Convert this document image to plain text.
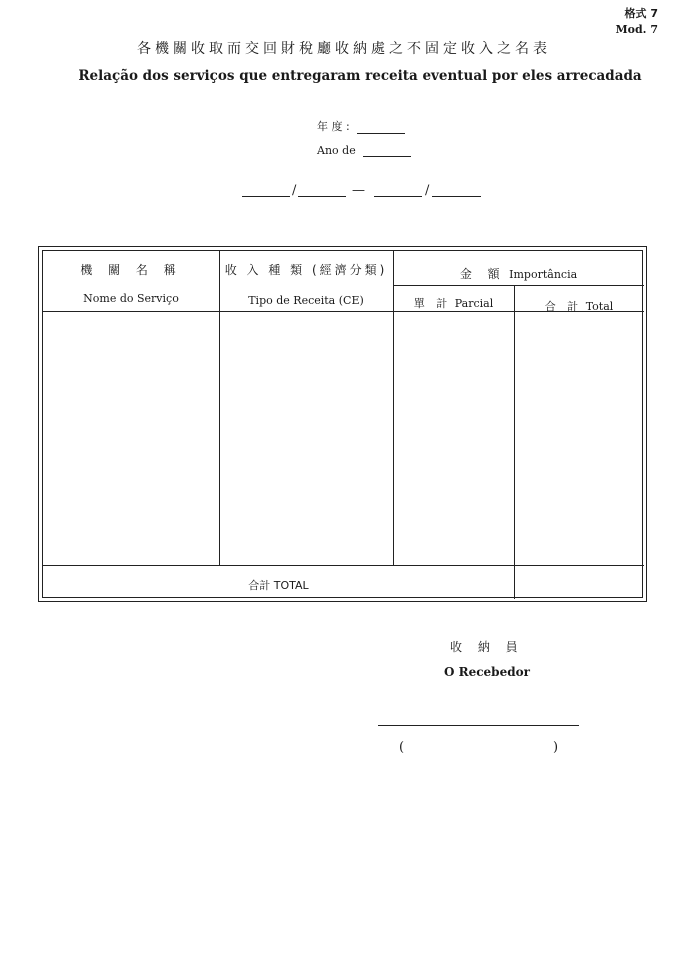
格式 7
Mod. 7
各機關收取而交回財稅廳收納處之不固定收入之名表
Relação dos serviços que entregaram receita eventual por eles arrecadada
年 度 :
Ano de
/	—	/
機 關 名 稱
Nome do Serviço
收 入 種 類 (經濟分類)
Tipo de Receita (CE)
金 額 Importância
單 計 Parcial	合 計 Total
合計 TOTAL
收 納 員
O Recebedor
(	)
